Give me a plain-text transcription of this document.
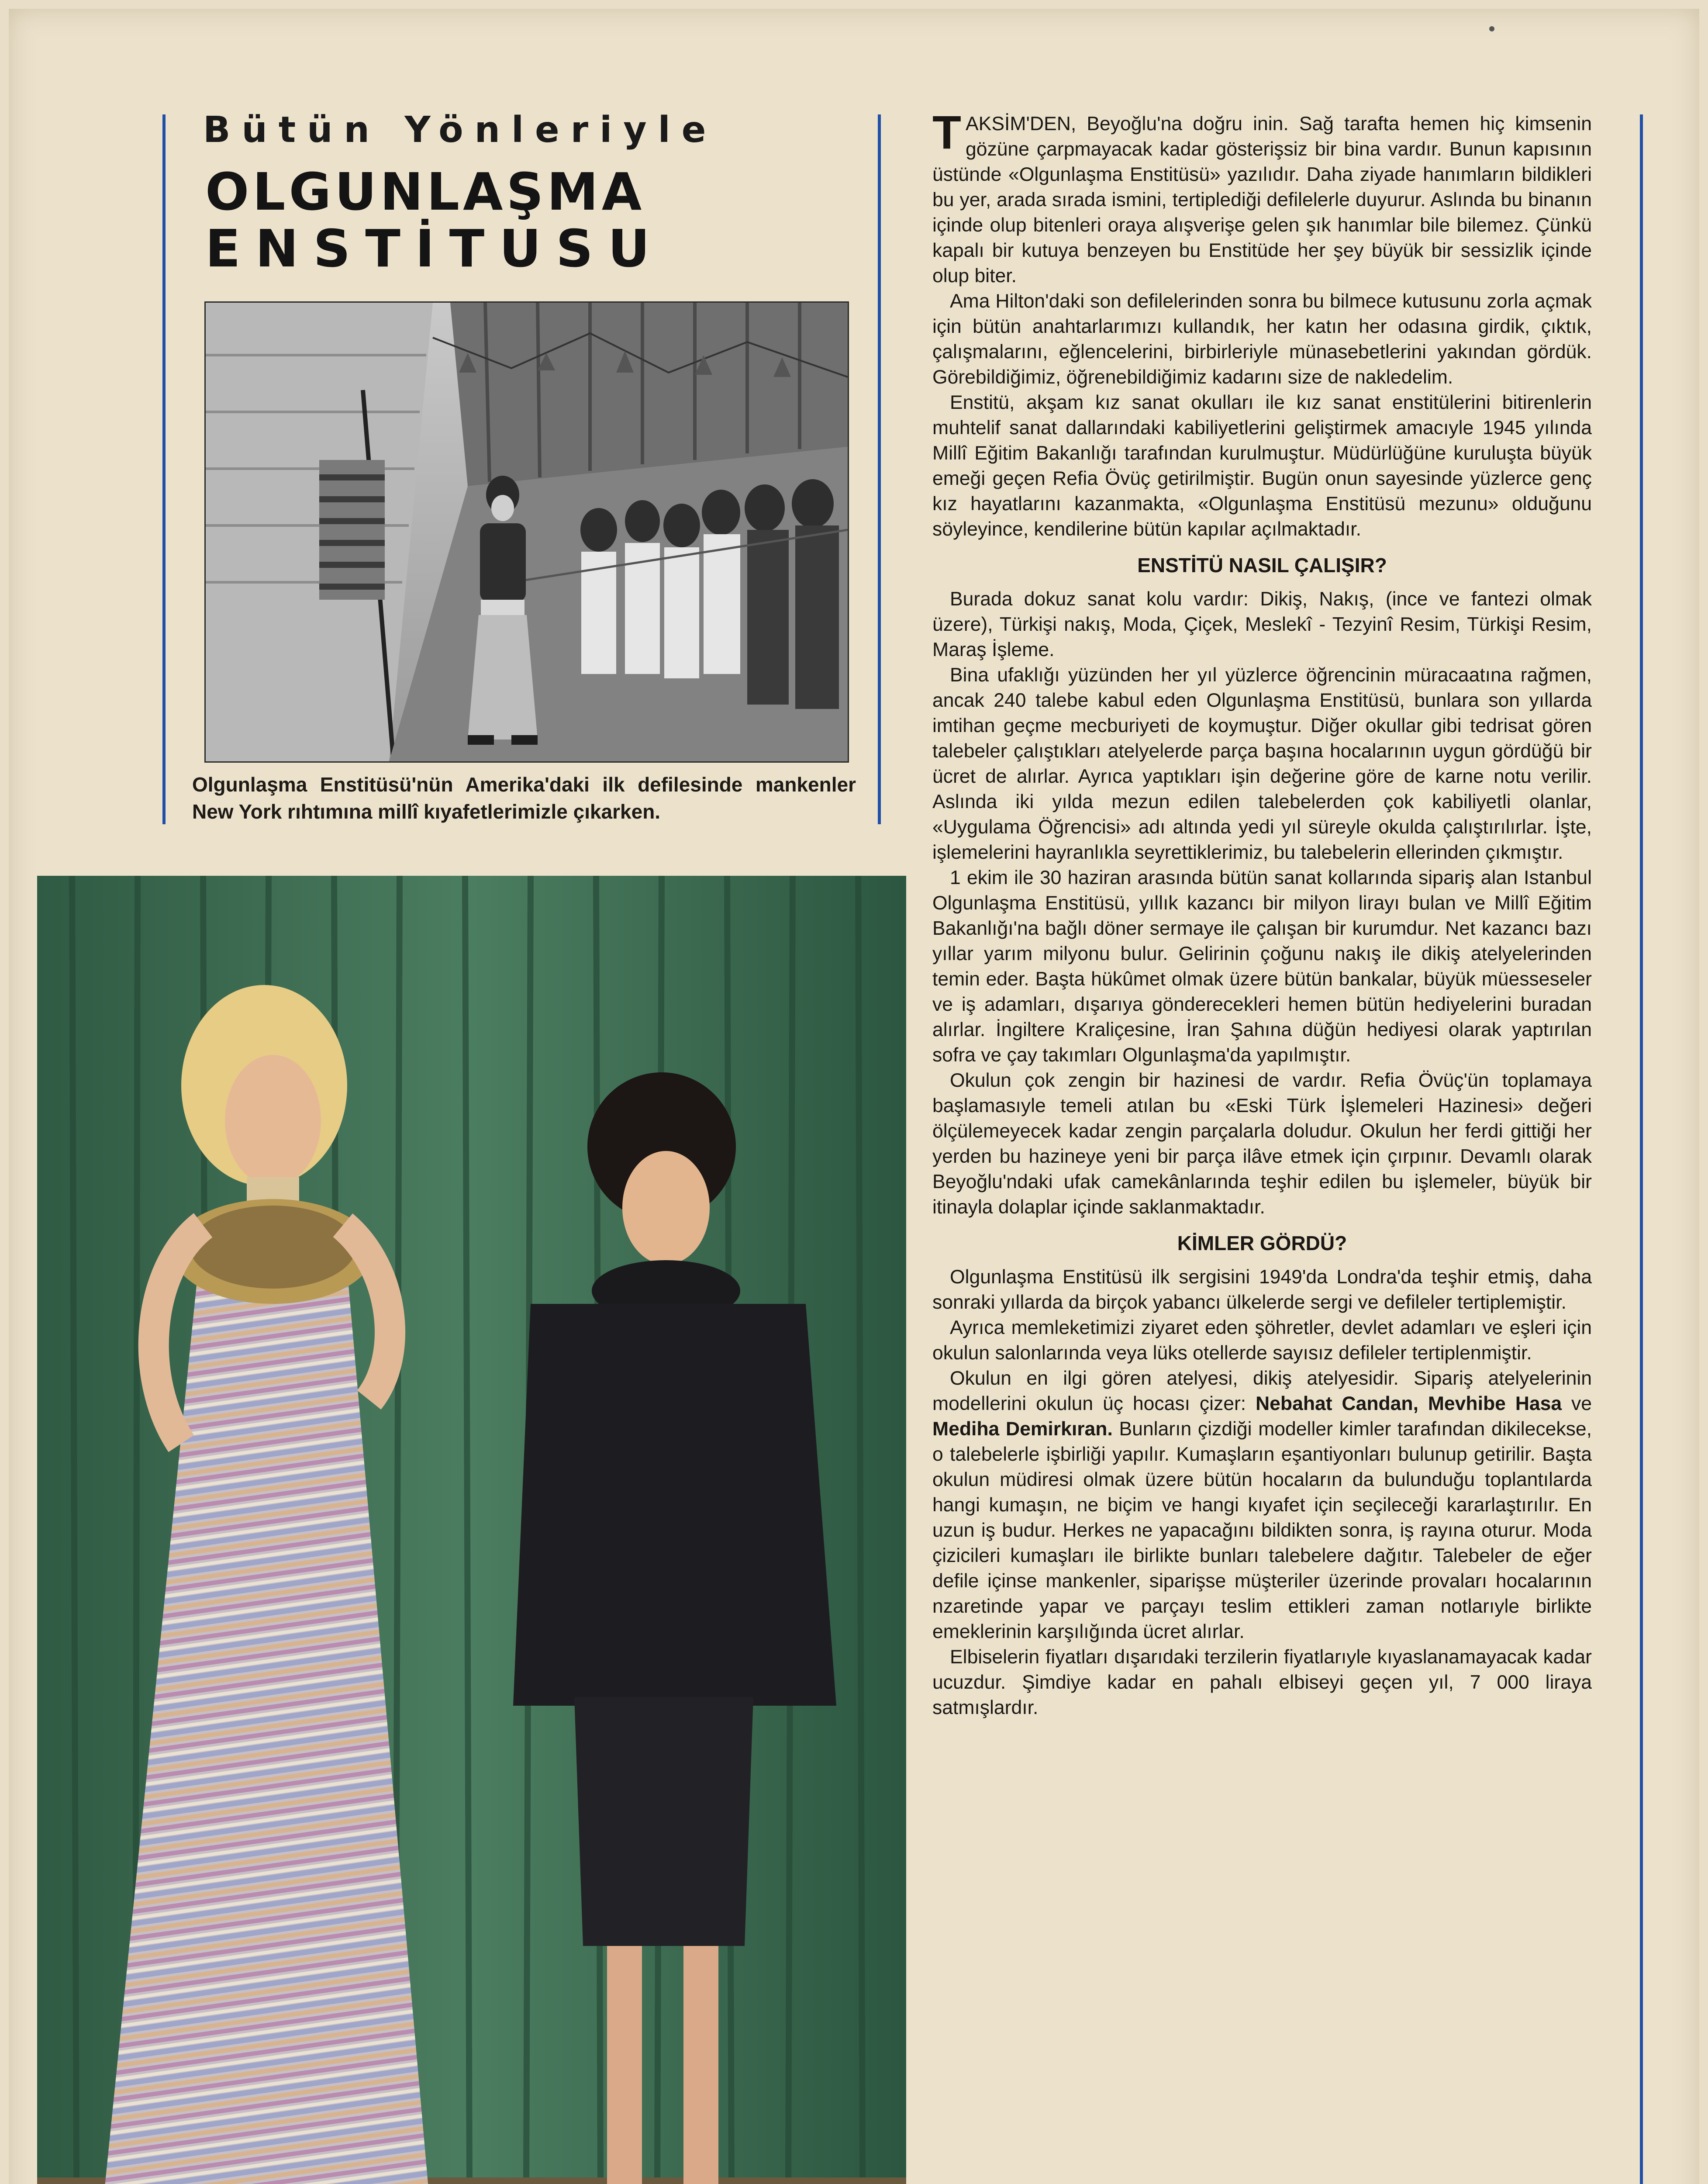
Bütün Yönleriyle
OLGUNLAŞMA
ENSTİTUSU
Olgunlaşma Enstitüsü'nün Amerika'daki ilk defilesinde mankenler New York rıhtımına millî kıyafetlerimizle çıkarken.

TAKSİM'DEN, Beyoğlu'na doğru inin. Sağ tarafta hemen hiç kimsenin gözüne çarpmayacak kadar gösterişsiz bir bina vardır. Bunun kapısının üstünde «Olgunlaşma Enstitüsü» yazılıdır. Daha ziyade hanımların bildikleri bu yer, arada sırada ismini, tertiplediği defilelerle duyurur. Aslında bu binanın içinde olup bitenleri oraya alışverişe gelen şık hanımlar bile bilemez. Çünkü kapalı bir kutuya benzeyen bu Enstitüde her şey büyük bir sessizlik içinde olup biter.

Ama Hilton'daki son defilelerinden sonra bu bilmece kutusunu zorla açmak için bütün anahtarlarımızı kullandık, her katın her odasına girdik, çıktık, çalışmalarını, eğlencelerini, birbirleriyle münasebetlerini yakından gördük. Görebildiğimiz, öğrenebildiğimiz kadarını size de nakledelim.

Enstitü, akşam kız sanat okulları ile kız sanat enstitülerini bitirenlerin muhtelif sanat dallarındaki kabiliyetlerini geliştirmek amacıyle 1945 yılında Millî Eğitim Bakanlığı tarafından kurulmuştur. Müdürlüğüne kuruluşta büyük emeği geçen Refia Övüç getirilmiştir. Bugün onun sayesinde yüzlerce genç kız hayatlarını kazanmakta, «Olgunlaşma Enstitüsü mezunu» olduğunu söyleyince, kendilerine bütün kapılar açılmaktadır.

ENSTİTÜ NASIL ÇALIŞIR?

Burada dokuz sanat kolu vardır: Dikiş, Nakış, (ince ve fantezi olmak üzere), Türkişi nakış, Moda, Çiçek, Meslekî - Tezyinî Resim, Türkişi Resim, Maraş İşleme.

Bina ufaklığı yüzünden her yıl yüzlerce öğrencinin müracaatına rağmen, ancak 240 talebe kabul eden Olgunlaşma Enstitüsü, bunlara son yıllarda imtihan geçme mecburiyeti de koymuştur. Diğer okullar gibi tedrisat gören talebeler çalıştıkları atelyelerde parça başına hocalarının uygun gördüğü bir ücret de alırlar. Ayrıca yaptıkları işin değerine göre de karne notu verilir. Aslında iki yılda mezun edilen talebelerden çok kabiliyetli olanlar, «Uygulama Öğrencisi» adı altında yedi yıl süreyle okulda çalıştırılırlar. İşte, işlemelerini hayranlıkla seyrettiklerimiz, bu talebelerin ellerinden çıkmıştır.

1 ekim ile 30 haziran arasında bütün sanat kollarında sipariş alan Istanbul Olgunlaşma Enstitüsü, yıllık kazancı bir milyon lirayı bulan ve Millî Eğitim Bakanlığı'na bağlı döner sermaye ile çalışan bir kurumdur. Net kazancı bazı yıllar yarım milyonu bulur. Gelirinin çoğunu nakış ile dikiş atelyelerinden temin eder. Başta hükûmet olmak üzere bütün bankalar, büyük müesseseler ve iş adamları, dışarıya gönderecekleri hemen bütün hediyelerini buradan alırlar. İngiltere Kraliçesine, İran Şahına düğün hediyesi olarak yaptırılan sofra ve çay takımları Olgunlaşma'da yapılmıştır.

Okulun çok zengin bir hazinesi de vardır. Refia Övüç'ün toplamaya başlamasıyle temeli atılan bu «Eski Türk İşlemeleri Hazinesi» değeri ölçülemeyecek kadar zengin parçalarla doludur. Okulun her ferdi gittiği her yerden bu hazineye yeni bir parça ilâve etmek için çırpınır. Devamlı olarak Beyoğlu'ndaki ufak camekânlarında teşhir edilen bu işlemeler, büyük bir itinayla dolaplar içinde saklanmaktadır.

KİMLER GÖRDÜ?

Olgunlaşma Enstitüsü ilk sergisini 1949'da Londra'da teşhir etmiş, daha sonraki yıllarda da birçok yabancı ülkelerde sergi ve defileler tertiplemiştir.

Ayrıca memleketimizi ziyaret eden şöhretler, devlet adamları ve eşleri için okulun salonlarında veya lüks otellerde sayısız defileler tertiplenmiştir.

Okulun en ilgi gören atelyesi, dikiş atelyesidir. Sipariş atelyelerinin modellerini okulun üç hocası çizer: Nebahat Candan, Mevhibe Hasa ve Mediha Demirkıran. Bunların çizdiği modeller kimler tarafından dikilecekse, o talebelerle işbirliği yapılır. Kumaşların eşantiyonları bulunup getirilir. Başta okulun müdiresi olmak üzere bütün hocaların da bulunduğu toplantılarda hangi kumaşın, ne biçim ve hangi kıyafet için seçileceği kararlaştırılır. En uzun iş budur. Herkes ne yapacağını bildikten sonra, iş rayına oturur. Moda çizicileri kumaşları ile birlikte bunları talebelere dağıtır. Talebeler de eğer defile içinse mankenler, siparişse müşteriler üzerinde provaları hocalarının nzaretinde yapar ve parçayı teslim ettikleri zaman notlarıyle birlikte emeklerinin karşılığında ücret alırlar.

Elbiselerin fiyatları dışarıdaki terzilerin fiyatlarıyle kıyaslanamayacak kadar ucuzdur. Şimdiye kadar en pahalı elbiseyi geçen yıl, 7 000 liraya satmışlardır.
